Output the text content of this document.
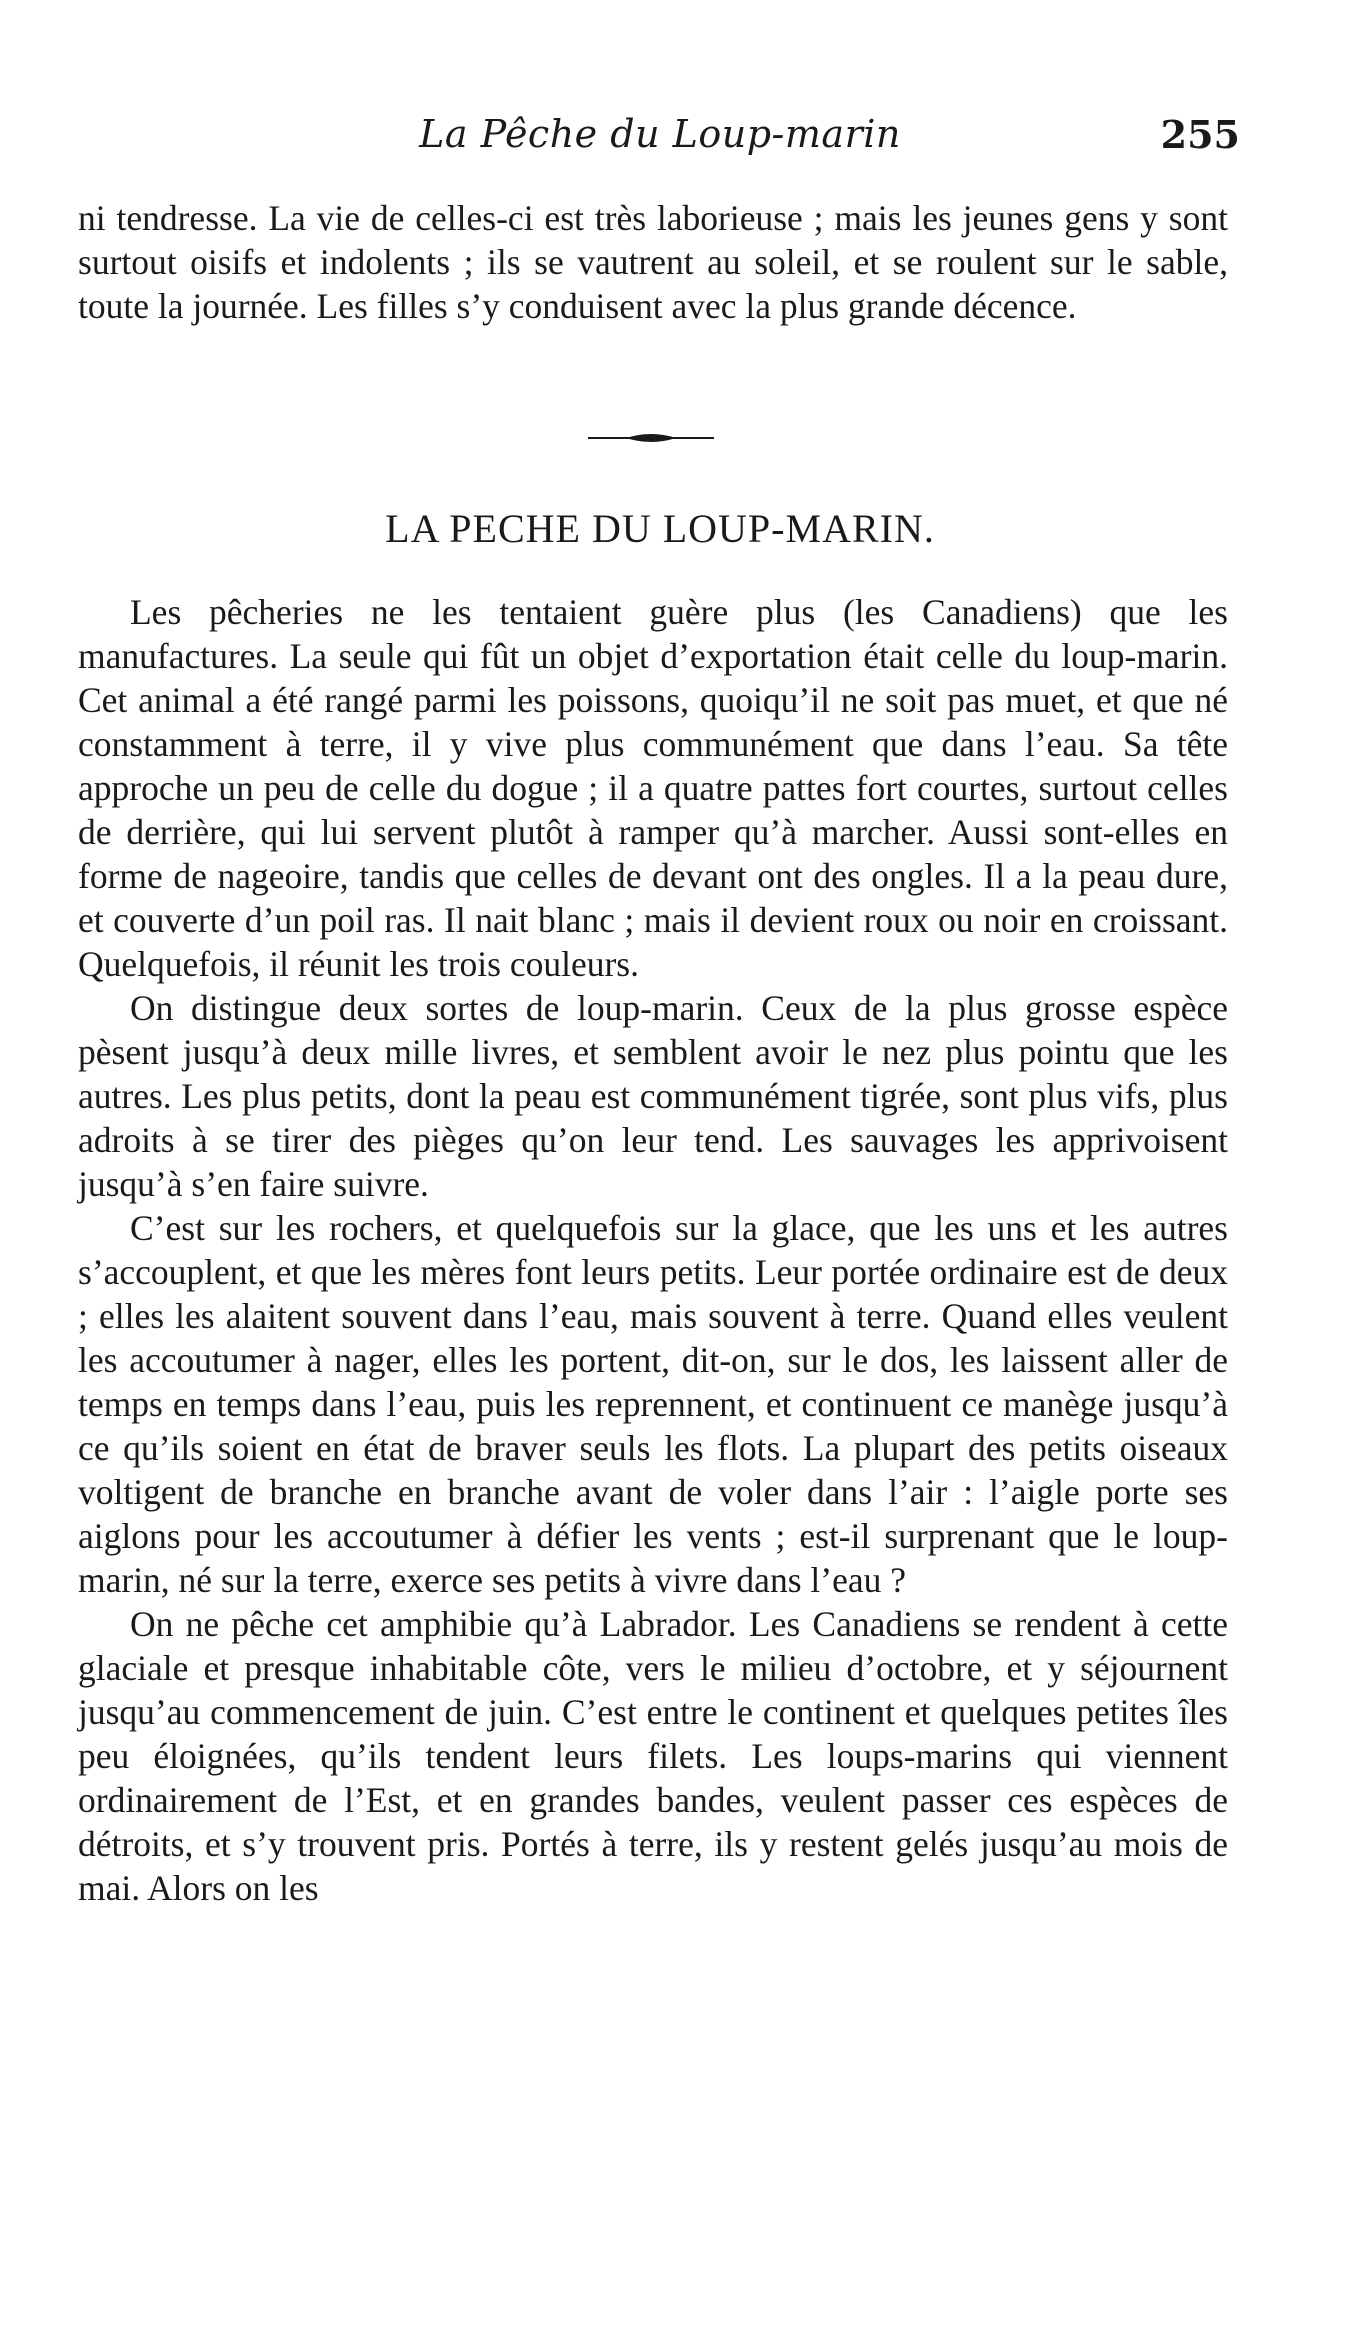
La Pêche du Loup-marin	255

ni tendresse. La vie de celles-ci est très laborieuse ; mais les jeunes gens y sont surtout oisifs et indolents ; ils se vautrent au soleil, et se roulent sur le sable, toute la journée. Les filles s’y conduisent avec la plus grande décence.

LA PECHE DU LOUP-MARIN.

Les pêcheries ne les tentaient guère plus (les Canadiens) que les manufactures. La seule qui fût un objet d’exportation était celle du loup-marin. Cet animal a été rangé parmi les poissons, quoiqu’il ne soit pas muet, et que né constamment à terre, il y vive plus communément que dans l’eau. Sa tête approche un peu de celle du dogue ; il a quatre pattes fort courtes, surtout celles de derrière, qui lui servent plutôt à ramper qu’à marcher. Aussi sont-elles en forme de nageoire, tandis que celles de devant ont des ongles. Il a la peau dure, et couverte d’un poil ras. Il nait blanc ; mais il devient roux ou noir en croissant. Quelquefois, il réunit les trois couleurs.

On distingue deux sortes de loup-marin. Ceux de la plus grosse espèce pèsent jusqu’à deux mille livres, et semblent avoir le nez plus pointu que les autres. Les plus petits, dont la peau est communément tigrée, sont plus vifs, plus adroits à se tirer des pièges qu’on leur tend. Les sauvages les apprivoisent jusqu’à s’en faire suivre.

C’est sur les rochers, et quelquefois sur la glace, que les uns et les autres s’accouplent, et que les mères font leurs petits. Leur portée ordinaire est de deux ; elles les alaitent souvent dans l’eau, mais souvent à terre. Quand elles veulent les accoutumer à nager, elles les portent, dit-on, sur le dos, les laissent aller de temps en temps dans l’eau, puis les reprennent, et continuent ce manège jusqu’à ce qu’ils soient en état de braver seuls les flots. La plupart des petits oiseaux voltigent de branche en branche avant de voler dans l’air : l’aigle porte ses aiglons pour les accoutumer à défier les vents ; est-il surprenant que le loup-marin, né sur la terre, exerce ses petits à vivre dans l’eau ?

On ne pêche cet amphibie qu’à Labrador. Les Canadiens se rendent à cette glaciale et presque inhabitable côte, vers le milieu d’octobre, et y séjournent jusqu’au commencement de juin. C’est entre le continent et quelques petites îles peu éloignées, qu’ils tendent leurs filets. Les loups-marins qui viennent ordinairement de l’Est, et en grandes bandes, veulent passer ces espèces de détroits, et s’y trouvent pris. Portés à terre, ils y restent gelés jusqu’au mois de mai. Alors on les
